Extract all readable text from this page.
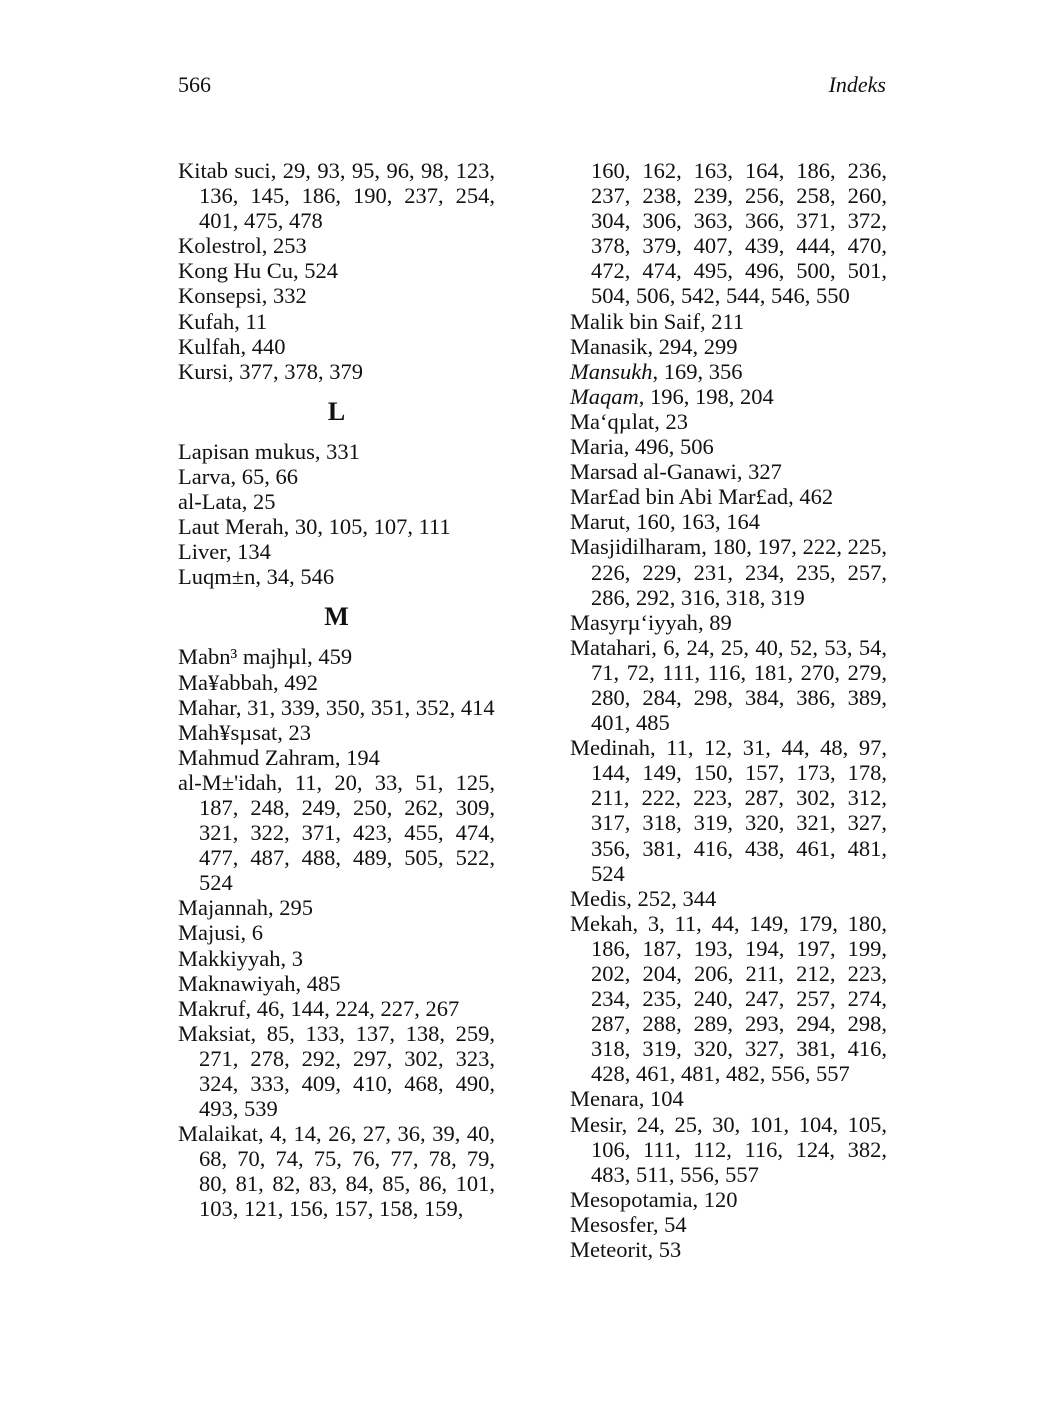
566	Indeks

Kitab suci, 29, 93, 95, 96, 98, 123, 136, 145, 186, 190, 237, 254, 401, 475, 478

Kolestrol, 253

Kong Hu Cu, 524

Konsepsi, 332

Kufah, 11

Kulfah, 440

Kursi, 377, 378, 379

L

Lapisan mukus, 331

Larva, 65, 66

al-Lata, 25

Laut Merah, 30, 105, 107, 111

Liver, 134

Luqm±n, 34, 546

M

Mabn³ majhµl, 459

Ma¥abbah, 492

Mahar, 31, 339, 350, 351, 352, 414

Mah¥sµsat, 23

Mahmud Zahram, 194

al-M±'idah, 11, 20, 33, 51, 125, 187, 248, 249, 250, 262, 309, 321, 322, 371, 423, 455, 474, 477, 487, 488, 489, 505, 522, 524

Majannah, 295

Majusi, 6

Makkiyyah, 3

Maknawiyah, 485

Makruf, 46, 144, 224, 227, 267

Maksiat, 85, 133, 137, 138, 259, 271, 278, 292, 297, 302, 323, 324, 333, 409, 410, 468, 490, 493, 539

Malaikat, 4, 14, 26, 27, 36, 39, 40, 68, 70, 74, 75, 76, 77, 78, 79, 80, 81, 82, 83, 84, 85, 86, 101, 103, 121, 156, 157, 158, 159,

160, 162, 163, 164, 186, 236, 237, 238, 239, 256, 258, 260, 304, 306, 363, 366, 371, 372, 378, 379, 407, 439, 444, 470, 472, 474, 495, 496, 500, 501, 504, 506, 542, 544, 546, 550

Malik bin Saif, 211

Manasik, 294, 299

Mansukh, 169, 356

Maqam, 196, 198, 204

Ma‘qµlat, 23

Maria, 496, 506

Marsad al-Ganawi, 327

Mar£ad bin Abi Mar£ad, 462

Marut, 160, 163, 164

Masjidilharam, 180, 197, 222, 225, 226, 229, 231, 234, 235, 257, 286, 292, 316, 318, 319

Masyrµ‘iyyah, 89

Matahari, 6, 24, 25, 40, 52, 53, 54, 71, 72, 111, 116, 181, 270, 279, 280, 284, 298, 384, 386, 389, 401, 485

Medinah, 11, 12, 31, 44, 48, 97, 144, 149, 150, 157, 173, 178, 211, 222, 223, 287, 302, 312, 317, 318, 319, 320, 321, 327, 356, 381, 416, 438, 461, 481, 524

Medis, 252, 344

Mekah, 3, 11, 44, 149, 179, 180, 186, 187, 193, 194, 197, 199, 202, 204, 206, 211, 212, 223, 234, 235, 240, 247, 257, 274, 287, 288, 289, 293, 294, 298, 318, 319, 320, 327, 381, 416, 428, 461, 481, 482, 556, 557

Menara, 104

Mesir, 24, 25, 30, 101, 104, 105, 106, 111, 112, 116, 124, 382, 483, 511, 556, 557

Mesopotamia, 120

Mesosfer, 54

Meteorit, 53
